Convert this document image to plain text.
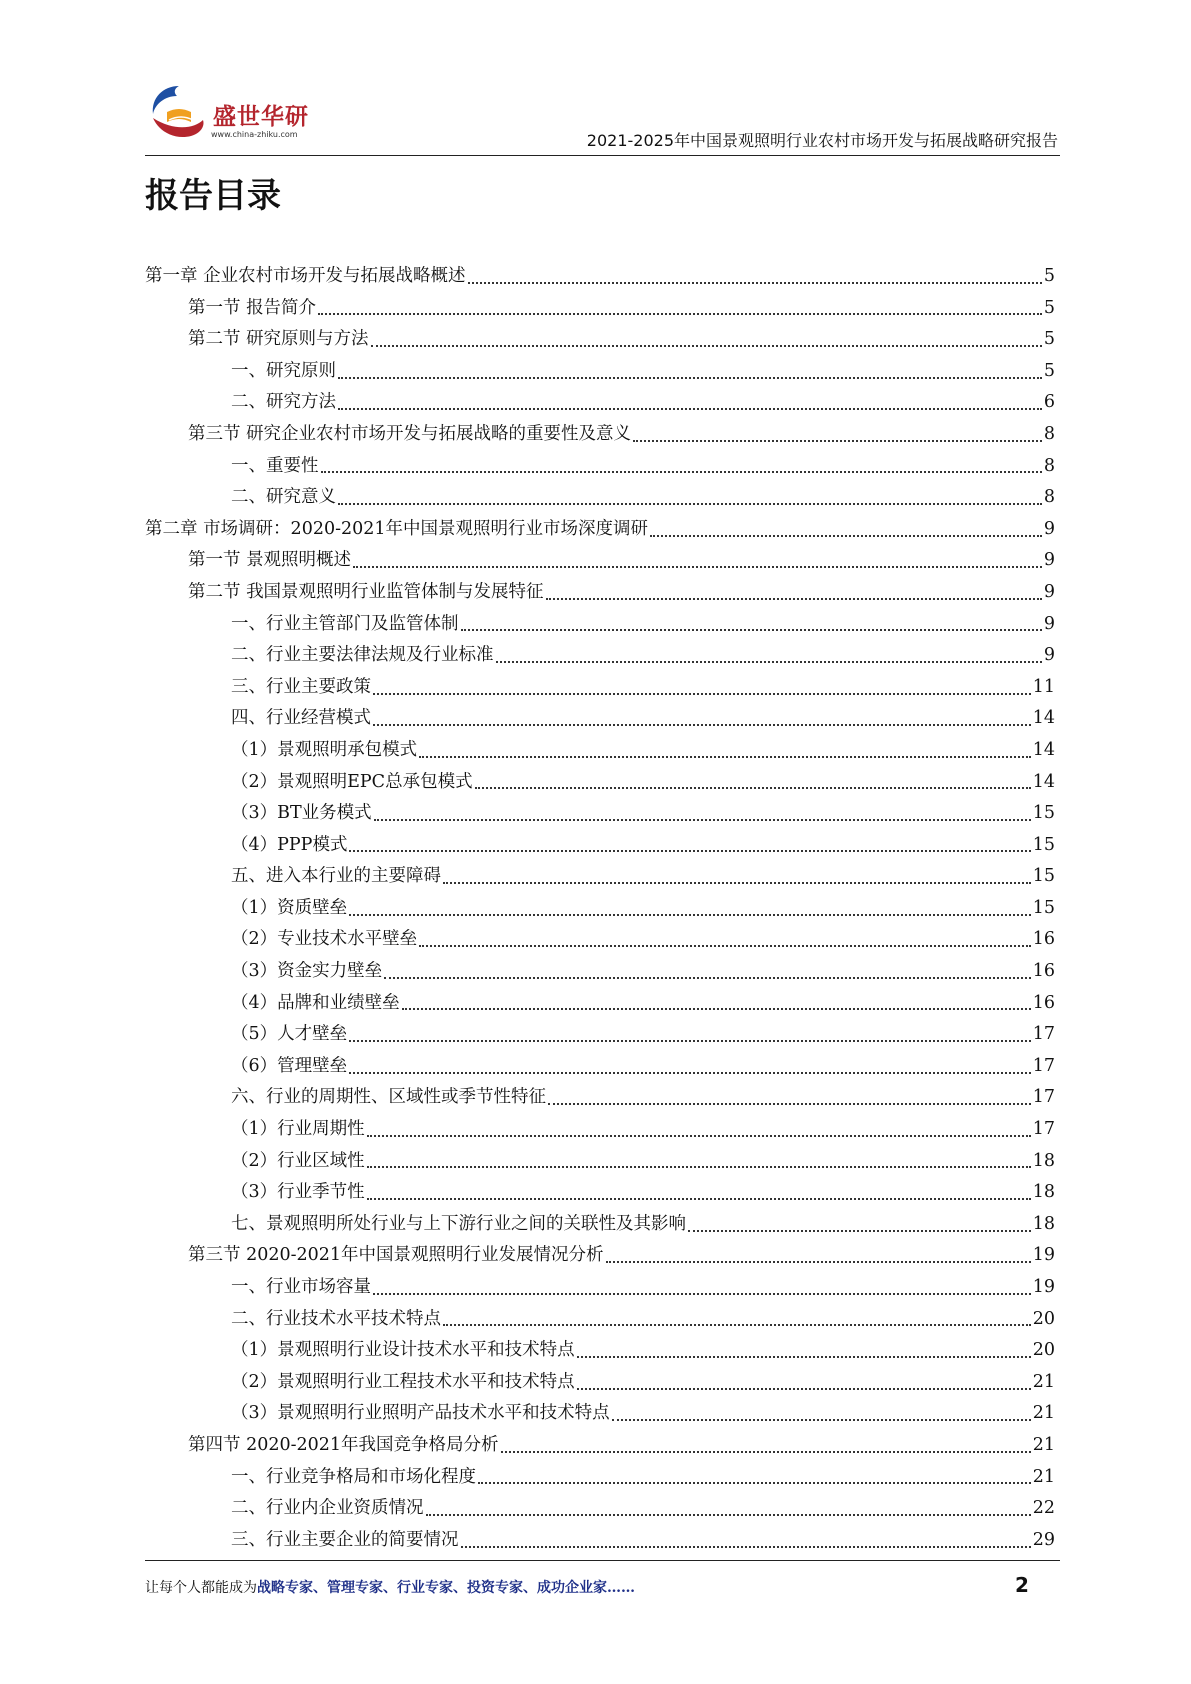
盛世华研
www.china-zhiku.com	2021-2025年中国景观照明行业农村市场开发与拓展战略研究报告
报告目录
第一章 企业农村市场开发与拓展战略概述	5
第一节 报告简介	5
第二节 研究原则与方法	5
一、研究原则	5
二、研究方法	6
第三节 研究企业农村市场开发与拓展战略的重要性及意义	8
一、重要性	8
二、研究意义	8
第二章 市场调研：2020-2021年中国景观照明行业市场深度调研	9
第一节 景观照明概述	9
第二节 我国景观照明行业监管体制与发展特征	9
一、行业主管部门及监管体制	9
二、行业主要法律法规及行业标准	9
三、行业主要政策	11
四、行业经营模式	14
（1）景观照明承包模式	14
（2）景观照明EPC总承包模式	14
（3）BT业务模式	15
（4）PPP模式	15
五、进入本行业的主要障碍	15
（1）资质壁垒	15
（2）专业技术水平壁垒	16
（3）资金实力壁垒	16
（4）品牌和业绩壁垒	16
（5）人才壁垒	17
（6）管理壁垒	17
六、行业的周期性、区域性或季节性特征	17
（1）行业周期性	17
（2）行业区域性	18
（3）行业季节性	18
七、景观照明所处行业与上下游行业之间的关联性及其影响	18
第三节 2020-2021年中国景观照明行业发展情况分析	19
一、行业市场容量	19
二、行业技术水平技术特点	20
（1）景观照明行业设计技术水平和技术特点	20
（2）景观照明行业工程技术水平和技术特点	21
（3）景观照明行业照明产品技术水平和技术特点	21
第四节 2020-2021年我国竞争格局分析	21
一、行业竞争格局和市场化程度	21
二、行业内企业资质情况	22
三、行业主要企业的简要情况	29
让每个人都能成为战略专家、管理专家、行业专家、投资专家、成功企业家……	2
